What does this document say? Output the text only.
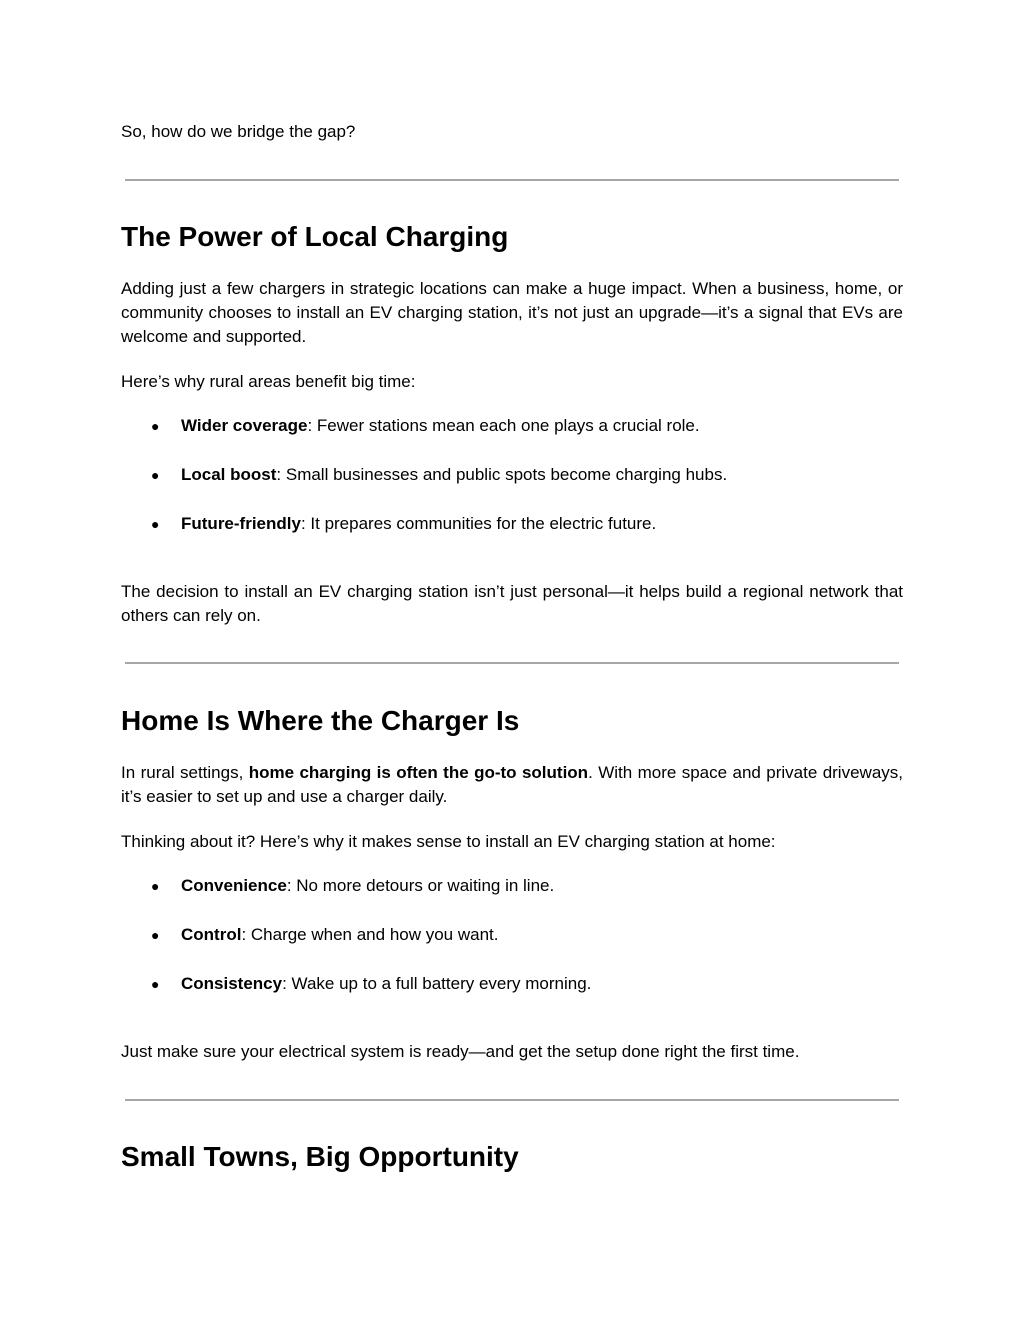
So, how do we bridge the gap?

The Power of Local Charging

Adding just a few chargers in strategic locations can make a huge impact. When a business, home, or community chooses to install an EV charging station, it’s not just an upgrade—it’s a signal that EVs are welcome and supported.

Here’s why rural areas benefit big time:

● Wider coverage: Fewer stations mean each one plays a crucial role.
● Local boost: Small businesses and public spots become charging hubs.
● Future-friendly: It prepares communities for the electric future.

The decision to install an EV charging station isn’t just personal—it helps build a regional network that others can rely on.

Home Is Where the Charger Is

In rural settings, home charging is often the go-to solution. With more space and private driveways, it’s easier to set up and use a charger daily.

Thinking about it? Here’s why it makes sense to install an EV charging station at home:

● Convenience: No more detours or waiting in line.
● Control: Charge when and how you want.
● Consistency: Wake up to a full battery every morning.

Just make sure your electrical system is ready—and get the setup done right the first time.

Small Towns, Big Opportunity
